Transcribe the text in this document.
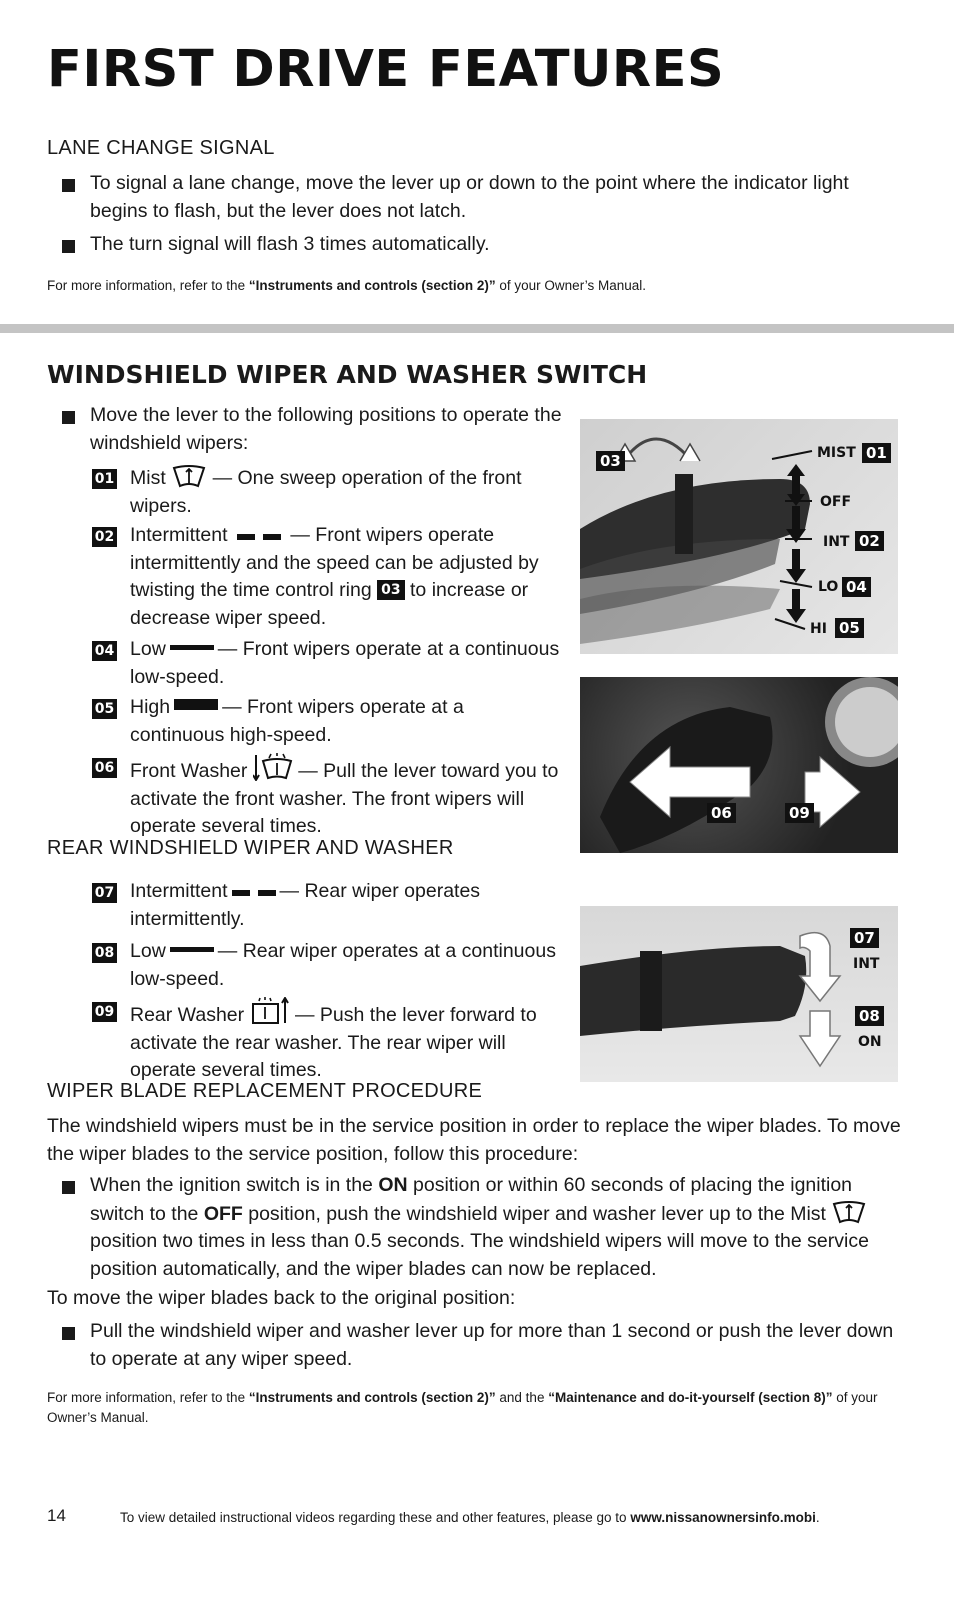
FIRST DRIVE FEATURES
LANE CHANGE SIGNAL
To signal a lane change, move the lever up or down to the point where the indicator light begins to flash, but the lever does not latch.
The turn signal will flash 3 times automatically.
For more information, refer to the “Instruments and controls (section 2)” of your Owner’s Manual.
WINDSHIELD WIPER AND WASHER SWITCH
Move the lever to the following positions to operate the windshield wipers:
01 Mist — One sweep operation of the front wipers.
02 Intermittent	— Front wipers operate intermittently and the speed can be adjusted by twisting the time control ring 03 to increase or decrease wiper speed.
04 Low	— Front wipers operate at a continuous low-speed.
05 High	— Front wipers operate at a continuous high-speed.
06 Front Washer	— Pull the lever toward you to activate the front washer. The front wipers will operate several times.
REAR WINDSHIELD WIPER AND WASHER
07 Intermittent	— Rear wiper operates intermittently.
08 Low	— Rear wiper operates at a continuous low-speed.
09 Rear Washer	— Push the lever forward to activate the rear washer. The rear wiper will operate several times.
WIPER BLADE REPLACEMENT PROCEDURE
The windshield wipers must be in the service position in order to replace the wiper blades. To move the wiper blades to the service position, follow this procedure:
When the ignition switch is in the ON position or within 60 seconds of placing the ignition switch to the OFF position, push the windshield wiper and washer lever up to the Mist  position two times in less than 0.5 seconds. The windshield wipers will move to the service position automatically, and the wiper blades can now be replaced.
To move the wiper blades back to the original position:
Pull the windshield wiper and washer lever up for more than 1 second or push the lever down to operate at any wiper speed.
For more information, refer to the “Instruments and controls (section 2)” and the “Maintenance and do-it-yourself (section 8)” of your Owner’s Manual.
03	MIST 01
OFF
INT 02
LO 04
HI 05
06	09
07
INT
08
ON
14	To view detailed instructional videos regarding these and other features, please go to www.nissanownersinfo.mobi.
